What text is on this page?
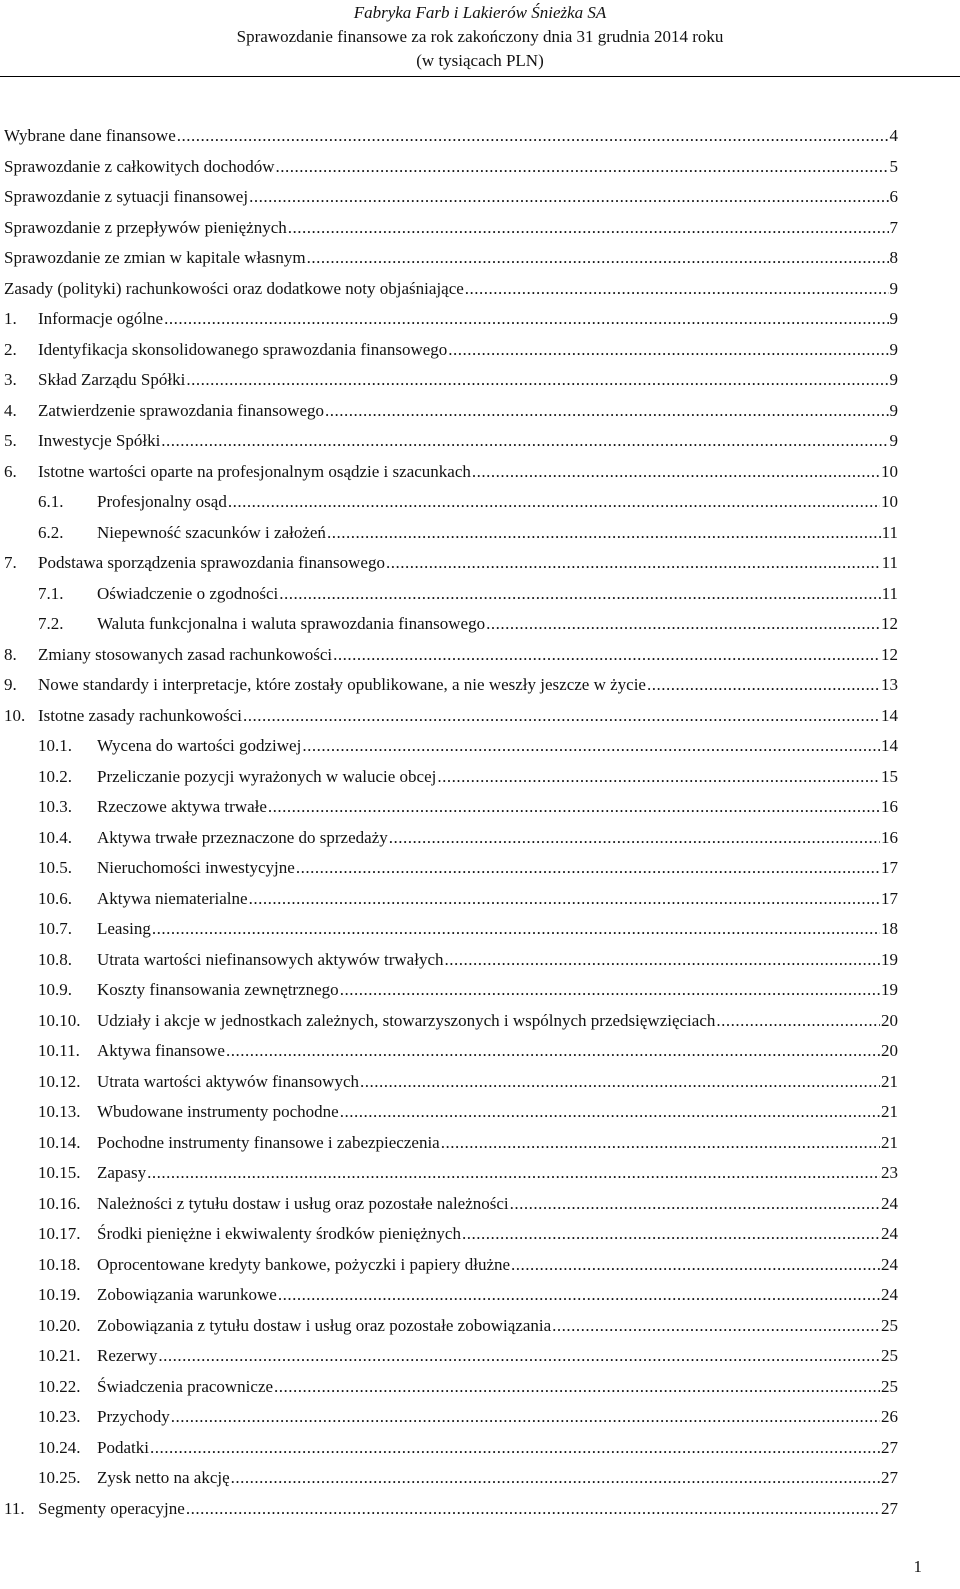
Fabryka Farb i Lakierów Śnieżka SA
Sprawozdanie finansowe za rok zakończony dnia 31 grudnia 2014 roku
(w tysiącach PLN)
Wybrane dane finansowe .....	4
Sprawozdanie z całkowitych dochodów .....	5
Sprawozdanie z sytuacji finansowej .....	6
Sprawozdanie z przepływów pieniężnych .....	7
Sprawozdanie ze zmian w kapitale własnym .....	8
Zasady (polityki) rachunkowości oraz dodatkowe noty objaśniające .....	9
1.	Informacje ogólne .....	9
2.	Identyfikacja skonsolidowanego sprawozdania finansowego .....	9
3.	Skład Zarządu Spółki .....	9
4.	Zatwierdzenie sprawozdania finansowego .....	9
5.	Inwestycje Spółki .....	9
6.	Istotne wartości oparte na profesjonalnym osądzie i szacunkach .....	10
6.1.	Profesjonalny osąd .....	10
6.2.	Niepewność szacunków i założeń .....	11
7.	Podstawa sporządzenia sprawozdania finansowego .....	11
7.1.	Oświadczenie o zgodności .....	11
7.2.	Waluta funkcjonalna i waluta sprawozdania finansowego .....	12
8.	Zmiany stosowanych zasad rachunkowości .....	12
9.	Nowe standardy i interpretacje, które zostały opublikowane, a nie weszły jeszcze w życie .....	13
10. Istotne zasady rachunkowości .....	14
10.1.	Wycena do wartości godziwej .....	14
10.2.	Przeliczanie pozycji wyrażonych w walucie obcej .....	15
10.3.	Rzeczowe aktywa trwałe .....	16
10.4.	Aktywa trwałe przeznaczone do sprzedaży .....	16
10.5.	Nieruchomości inwestycyjne .....	17
10.6.	Aktywa niematerialne .....	17
10.7.	Leasing .....	18
10.8.	Utrata wartości niefinansowych aktywów trwałych .....	19
10.9.	Koszty finansowania zewnętrznego .....	19
10.10. Udziały i akcje w jednostkach zależnych, stowarzyszonych i wspólnych przedsięwzięciach .....	20
10.11.	Aktywa finansowe .....	20
10.12. Utrata wartości aktywów finansowych .....	21
10.13. Wbudowane instrumenty pochodne .....	21
10.14. Pochodne instrumenty finansowe i zabezpieczenia .....	21
10.15. Zapasy .....	23
10.16. Należności z tytułu dostaw i usług oraz pozostałe należności .....	24
10.17. Środki pieniężne i ekwiwalenty środków pieniężnych .....	24
10.18. Oprocentowane kredyty bankowe, pożyczki i papiery dłużne .....	24
10.19. Zobowiązania warunkowe .....	24
10.20. Zobowiązania z tytułu dostaw i usług oraz pozostałe zobowiązania .....	25
10.21. Rezerwy .....	25
10.22. Świadczenia pracownicze .....	25
10.23. Przychody .....	26
10.24. Podatki .....	27
10.25. Zysk netto na akcję .....	27
11. Segmenty operacyjne .....	27
1
